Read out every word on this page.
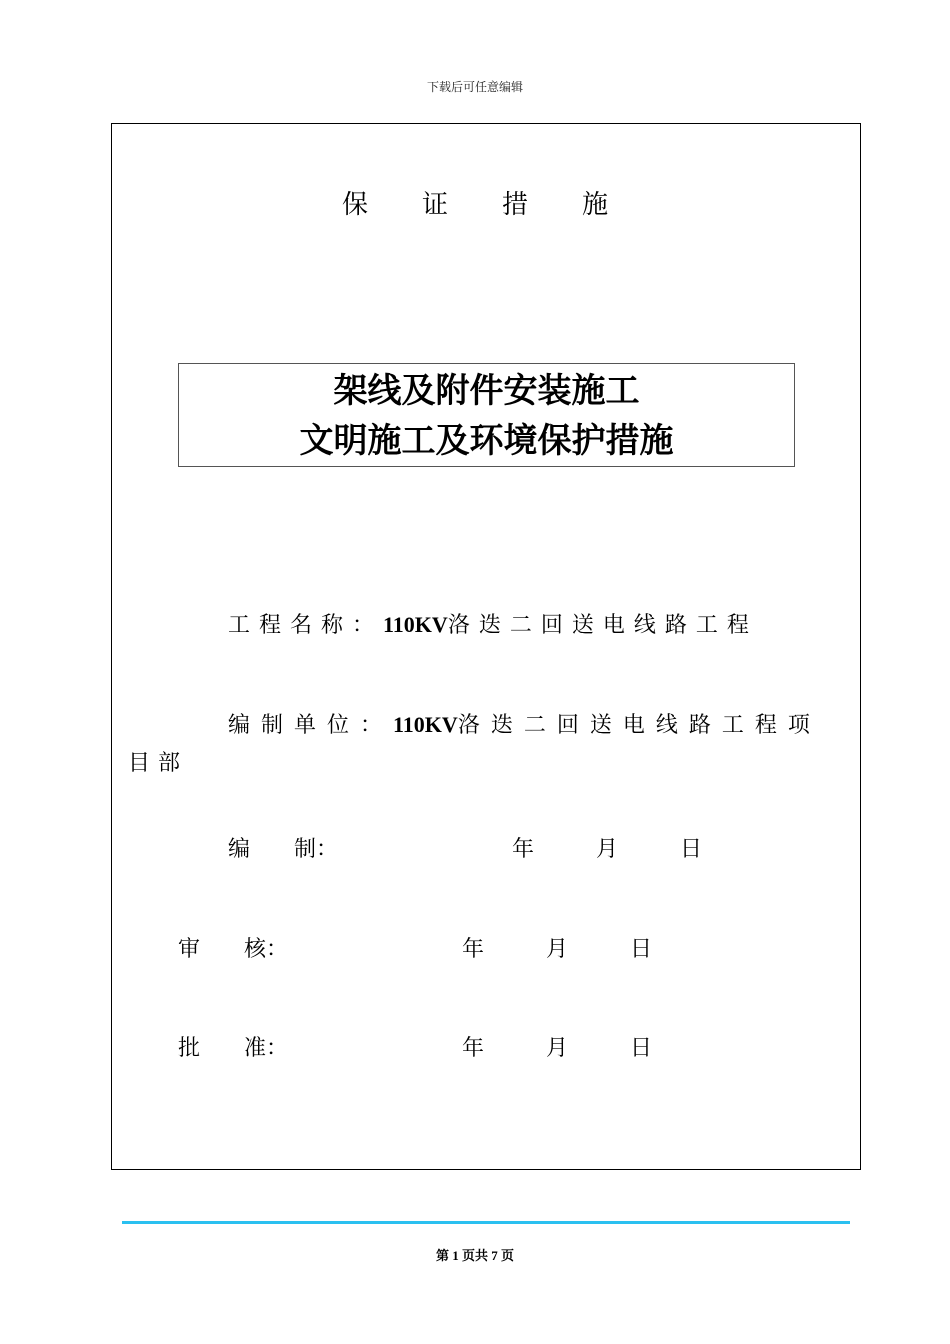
下载后可任意编辑
保证措施
架线及附件安装施工
文明施工及环境保护措施
工程名称：110KV洛迭二回送电线路工程
编制单位：110KV洛迭二回送电线路工程项
目部
编　　制：	年	月	日
审　　核：	年	月	日
批　　准：	年	月	日
第 1 页共 7 页
